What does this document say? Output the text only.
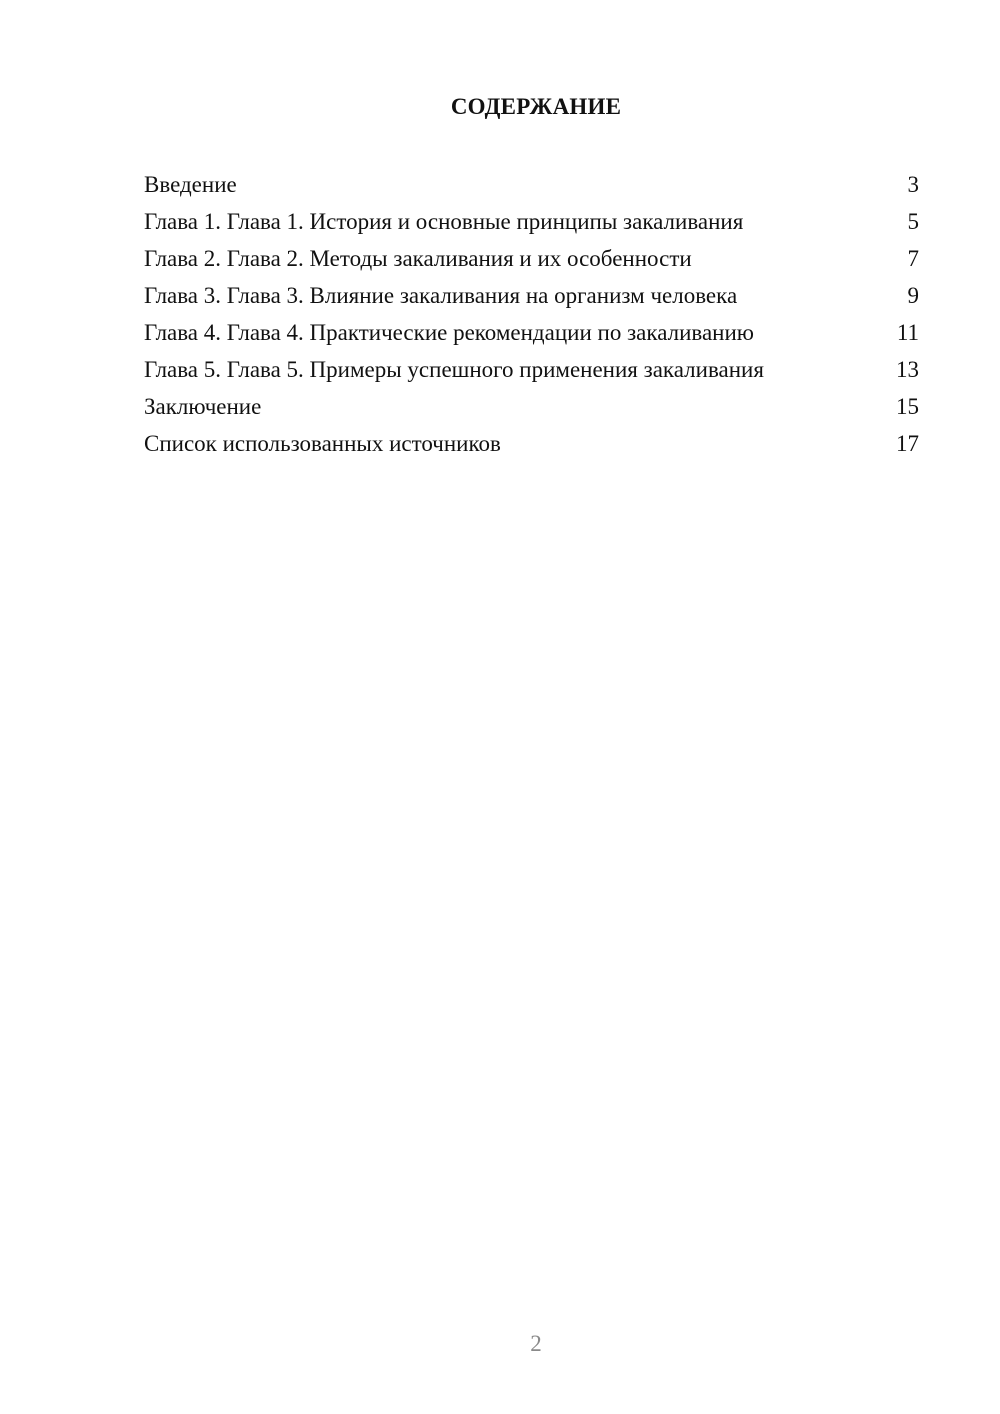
СОДЕРЖАНИЕ
Введение	3
Глава 1. Глава 1. История и основные принципы закаливания	5
Глава 2. Глава 2. Методы закаливания и их особенности	7
Глава 3. Глава 3. Влияние закаливания на организм человека	9
Глава 4. Глава 4. Практические рекомендации по закаливанию	11
Глава 5. Глава 5. Примеры успешного применения закаливания	13
Заключение	15
Список использованных источников	17
2
